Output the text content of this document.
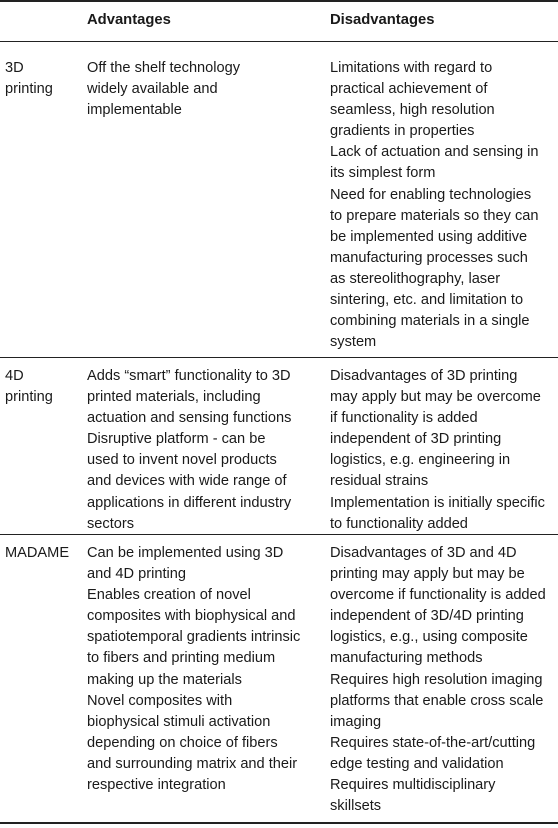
Advantages	Disadvantages
3D
printing
Off the shelf technology
widely available and
implementable
Limitations with regard to
practical achievement of
seamless, high resolution
gradients in properties
Lack of actuation and sensing in
its simplest form
Need for enabling technologies
to prepare materials so they can
be implemented using additive
manufacturing processes such
as stereolithography, laser
sintering, etc. and limitation to
combining materials in a single
system
4D
printing
Adds “smart” functionality to 3D
printed materials, including
actuation and sensing functions
Disruptive platform - can be
used to invent novel products
and devices with wide range of
applications in different industry
sectors
Disadvantages of 3D printing
may apply but may be overcome
if functionality is added
independent of 3D printing
logistics, e.g. engineering in
residual strains
Implementation is initially specific
to functionality added
MADAME	Can be implemented using 3D
and 4D printing
Enables creation of novel
composites with biophysical and
spatiotemporal gradients intrinsic
to fibers and printing medium
making up the materials
Novel composites with
biophysical stimuli activation
depending on choice of fibers
and surrounding matrix and their
respective integration
Disadvantages of 3D and 4D
printing may apply but may be
overcome if functionality is added
independent of 3D/4D printing
logistics, e.g., using composite
manufacturing methods
Requires high resolution imaging
platforms that enable cross scale
imaging
Requires state-of-the-art/cutting
edge testing and validation
Requires multidisciplinary
skillsets
